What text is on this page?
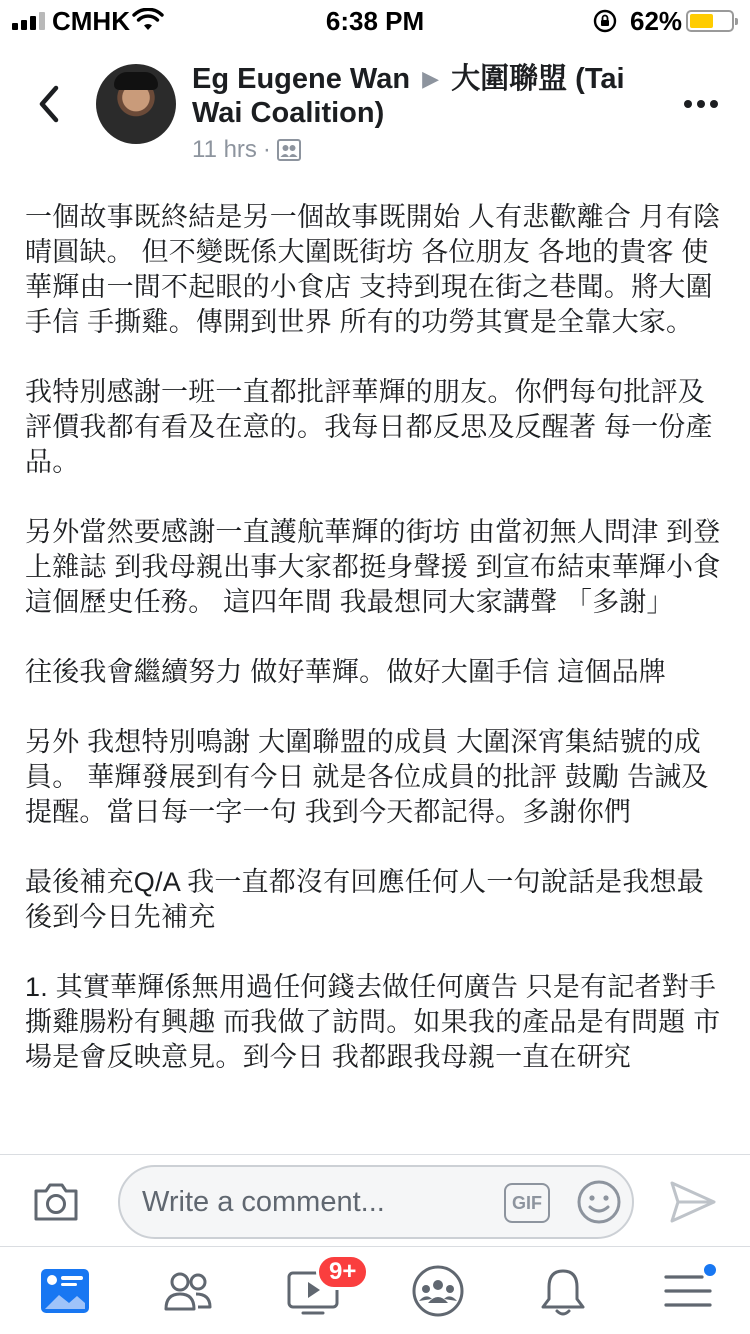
CMHK	6:38 PM	62%
Eg Eugene Wan ▶ 大圍聯盟 (Tai Wai Coalition)
11 hrs ·

一個故事既終結是另一個故事既開始 人有悲歡離合 月有陰晴圓缺。 但不變既係大圍既街坊 各位朋友 各地的貴客 使華輝由一間不起眼的小食店 支持到現在街之巷聞。將大圍手信 手撕雞。傳開到世界 所有的功勞其實是全靠大家。

我特別感謝一班一直都批評華輝的朋友。你們每句批評及評價我都有看及在意的。我每日都反思及反醒著 每一份產品。

另外當然要感謝一直護航華輝的街坊 由當初無人問津 到登上雜誌 到我母親出事大家都挺身聲援 到宣布結束華輝小食 這個歷史任務。 這四年間 我最想同大家講聲 「多謝」

往後我會繼續努力 做好華輝。做好大圍手信 這個品牌

另外 我想特別鳴謝 大圍聯盟的成員 大圍深宵集結號的成員。 華輝發展到有今日 就是各位成員的批評 鼓勵 告誡及提醒。當日每一字一句 我到今天都記得。多謝你們

最後補充Q/A 我一直都沒有回應任何人一句說話是我想最後到今日先補充

1. 其實華輝係無用過任何錢去做任何廣告 只是有記者對手撕雞腸粉有興趣 而我做了訪問。如果我的產品是有問題 市場是會反映意見。到今日 我都跟我母親一直在研究

Write a comment...
GIF
9+
